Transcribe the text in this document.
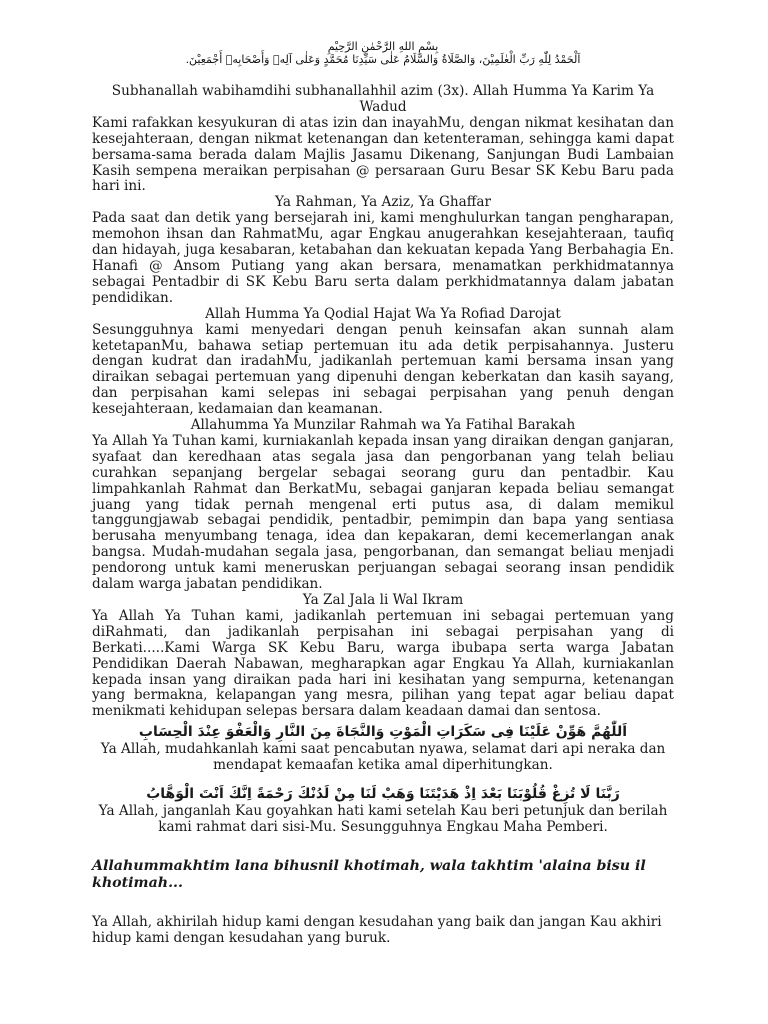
بِسْمِ اللهِ الرَّحْمٰنِ الرَّحِيْمِ
اَلْحَمْدُ لِلّٰهِ رَبِّ الْعٰلَمِيْنَ، وَالصَّلَاةُ وَالسَّلَامُ عَلٰى سَيِّدِنَا مُحَمَّدٍ وَعَلٰى آلِهٖ وَأَصْحَابِهٖ أَجْمَعِيْنَ.
Subhanallah wabihamdihi subhanallahhil azim (3x). Allah Humma Ya Karim Ya Wadud
Kami rafakkan kesyukuran di atas izin dan inayahMu, dengan nikmat kesihatan dan kesejahteraan, dengan nikmat ketenangan dan ketenteraman, sehingga kami dapat bersama-sama berada dalam Majlis Jasamu Dikenang, Sanjungan Budi Lambaian Kasih sempena meraikan perpisahan @ persaraan Guru Besar SK Kebu Baru pada hari ini.
Ya Rahman, Ya Aziz, Ya Ghaffar
Pada saat dan detik yang bersejarah ini, kami menghulurkan tangan pengharapan, memohon ihsan dan RahmatMu, agar Engkau anugerahkan kesejahteraan, taufiq dan hidayah, juga kesabaran, ketabahan dan kekuatan kepada Yang Berbahagia En. Hanafi @ Ansom Putiang yang akan bersara, menamatkan perkhidmatannya sebagai Pentadbir di SK Kebu Baru serta dalam perkhidmatannya dalam jabatan pendidikan.
Allah Humma Ya Qodial Hajat Wa Ya Rofiad Darojat
Sesungguhnya kami menyedari dengan penuh keinsafan akan sunnah alam ketetapanMu, bahawa setiap pertemuan itu ada detik perpisahannya. Justeru dengan kudrat dan iradahMu, jadikanlah pertemuan kami bersama insan yang diraikan sebagai pertemuan yang dipenuhi dengan keberkatan dan kasih sayang, dan perpisahan kami selepas ini sebagai perpisahan yang penuh dengan kesejahteraan, kedamaian dan keamanan.
Allahumma Ya Munzilar Rahmah wa Ya Fatihal Barakah
Ya Allah Ya Tuhan kami, kurniakanlah kepada insan yang diraikan dengan ganjaran, syafaat dan keredhaan atas segala jasa dan pengorbanan yang telah beliau curahkan sepanjang bergelar sebagai seorang guru dan pentadbir. Kau limpahkanlah Rahmat dan BerkatMu, sebagai ganjaran kepada beliau semangat juang yang tidak pernah mengenal erti putus asa, di dalam memikul tanggungjawab sebagai pendidik, pentadbir, pemimpin dan bapa yang sentiasa berusaha menyumbang tenaga, idea dan kepakaran, demi kecemerlangan anak bangsa. Mudah-mudahan segala jasa, pengorbanan, dan semangat beliau menjadi pendorong untuk kami meneruskan perjuangan sebagai seorang insan pendidik dalam warga jabatan pendidikan.
Ya Zal Jala li Wal Ikram
Ya Allah Ya Tuhan kami, jadikanlah pertemuan ini sebagai pertemuan yang diRahmati, dan jadikanlah perpisahan ini sebagai perpisahan yang di Berkati.....Kami Warga SK Kebu Baru, warga ibubapa serta warga Jabatan Pendidikan Daerah Nabawan, megharapkan agar Engkau Ya Allah, kurniakanlan kepada insan yang diraikan pada hari ini kesihatan yang sempurna, ketenangan yang bermakna, kelapangan yang mesra, pilihan yang tepat agar beliau dapat menikmati kehidupan selepas bersara dalam keadaan damai dan sentosa.
اَللّٰهُمَّ هَوِّنْ عَلَيْنَا فِى سَكَرَاتِ الْمَوْتِ وَالنَّجَاةَ مِنَ النَّارِ وَالْعَفْوَ عِنْدَ الْحِسَابِ
Ya Allah, mudahkanlah kami saat pencabutan nyawa, selamat dari api neraka dan mendapat kemaafan ketika amal diperhitungkan.
رَبَّنَا لَا تُزِغْ قُلُوْبَنَا بَعْدَ اِذْ هَدَيْتَنَا وَهَبْ لَنَا مِنْ لَدُنْكَ رَحْمَةً اِنَّكَ اَنْتَ الْوَهَّابُ
Ya Allah, janganlah Kau goyahkan hati kami setelah Kau beri petunjuk dan berilah kami rahmat dari sisi-Mu. Sesungguhnya Engkau Maha Pemberi.
Allahummakhtim lana bihusnil khotimah, wala takhtim 'alaina bisu il khotimah...
Ya Allah, akhirilah hidup kami dengan kesudahan yang baik dan jangan Kau akhiri hidup kami dengan kesudahan yang buruk.
